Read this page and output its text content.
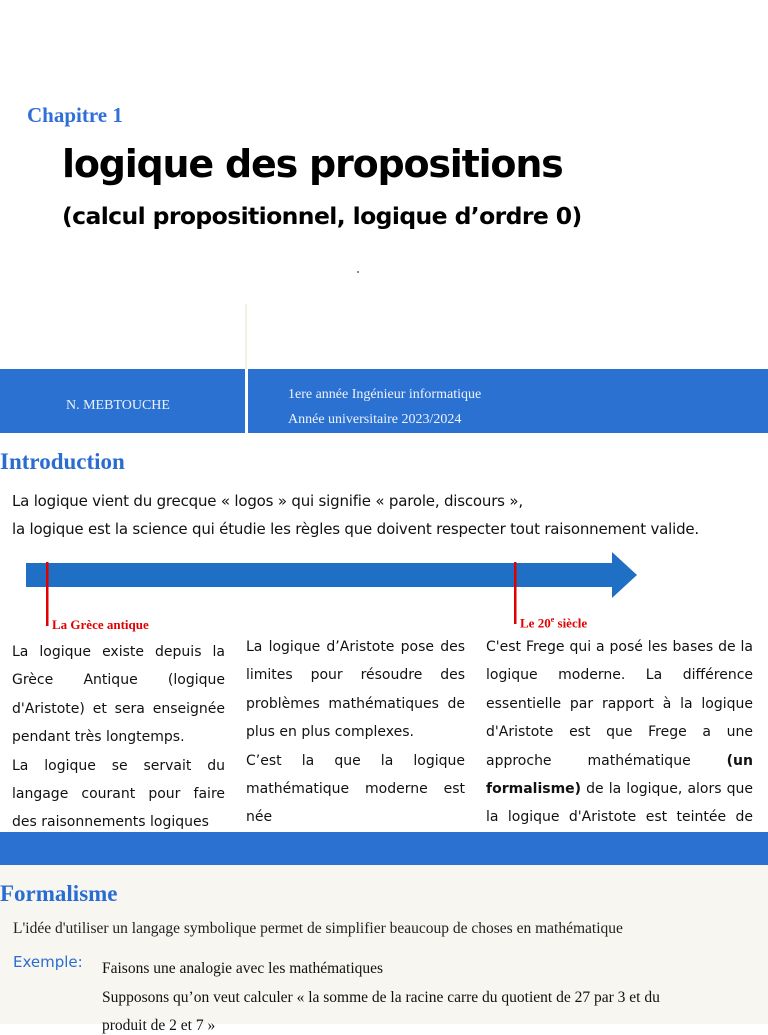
Chapitre 1
logique des propositions
(calcul propositionnel, logique d’ordre 0)
N. MEBTOUCHE
1ere année Ingénieur informatique
Année universitaire 2023/2024
Introduction
La logique vient du grecque « logos » qui signifie « parole, discours »,
la logique est la science qui étudie les règles que doivent respecter tout raisonnement valide.
La Grèce antique	Le 20e siècle

La logique existe depuis la Grèce Antique (logique d'Aristote) et sera enseignée pendant très longtemps.

La logique se servait du langage courant pour faire des raisonnements logiques

La logique d’Aristote pose des limites pour résoudre des problèmes mathématiques de plus en plus complexes.

C’est la que la logique mathématique moderne est née

C'est Frege qui a posé les bases de la logique moderne. La différence essentielle par rapport à la logique d'Aristote est que Frege a une approche mathématique (un formalisme) de la logique, alors que la logique d'Aristote est teintée de

Formalisme
L'idée d'utiliser un langage symbolique permet de simplifier beaucoup de choses en mathématique
Exemple: Faisons une analogie avec les mathématiques
Supposons qu’on veut calculer « la somme de la racine carre du quotient de 27 par 3 et du
produit de 2 et 7 »
